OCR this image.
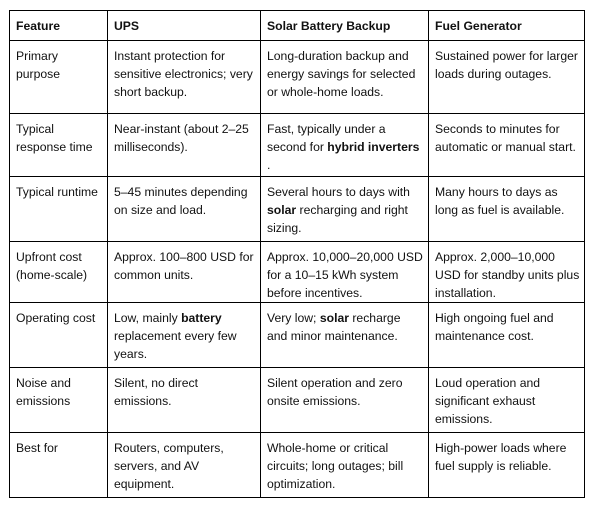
Feature	UPS	Solar Battery Backup	Fuel Generator
Primary purpose	Instant protection for sensitive electronics; very short backup.	Long-duration backup and energy savings for selected or whole-home loads.	Sustained power for larger loads during outages.
Typical response time	Near-instant (about 2–25 milliseconds).	Fast, typically under a second for hybrid inverters .	Seconds to minutes for automatic or manual start.
Typical runtime	5–45 minutes depending on size and load.	Several hours to days with solar recharging and right sizing.	Many hours to days as long as fuel is available.
Upfront cost (home-scale)	Approx. 100–800 USD for common units.	Approx. 10,000–20,000 USD for a 10–15 kWh system before incentives.	Approx. 2,000–10,000 USD for standby units plus installation.
Operating cost	Low, mainly battery replacement every few years.	Very low; solar recharge and minor maintenance.	High ongoing fuel and maintenance cost.
Noise and emissions	Silent, no direct emissions.	Silent operation and zero onsite emissions.	Loud operation and significant exhaust emissions.
Best for	Routers, computers, servers, and AV equipment.	Whole-home or critical circuits; long outages; bill optimization.	High-power loads where fuel supply is reliable.
